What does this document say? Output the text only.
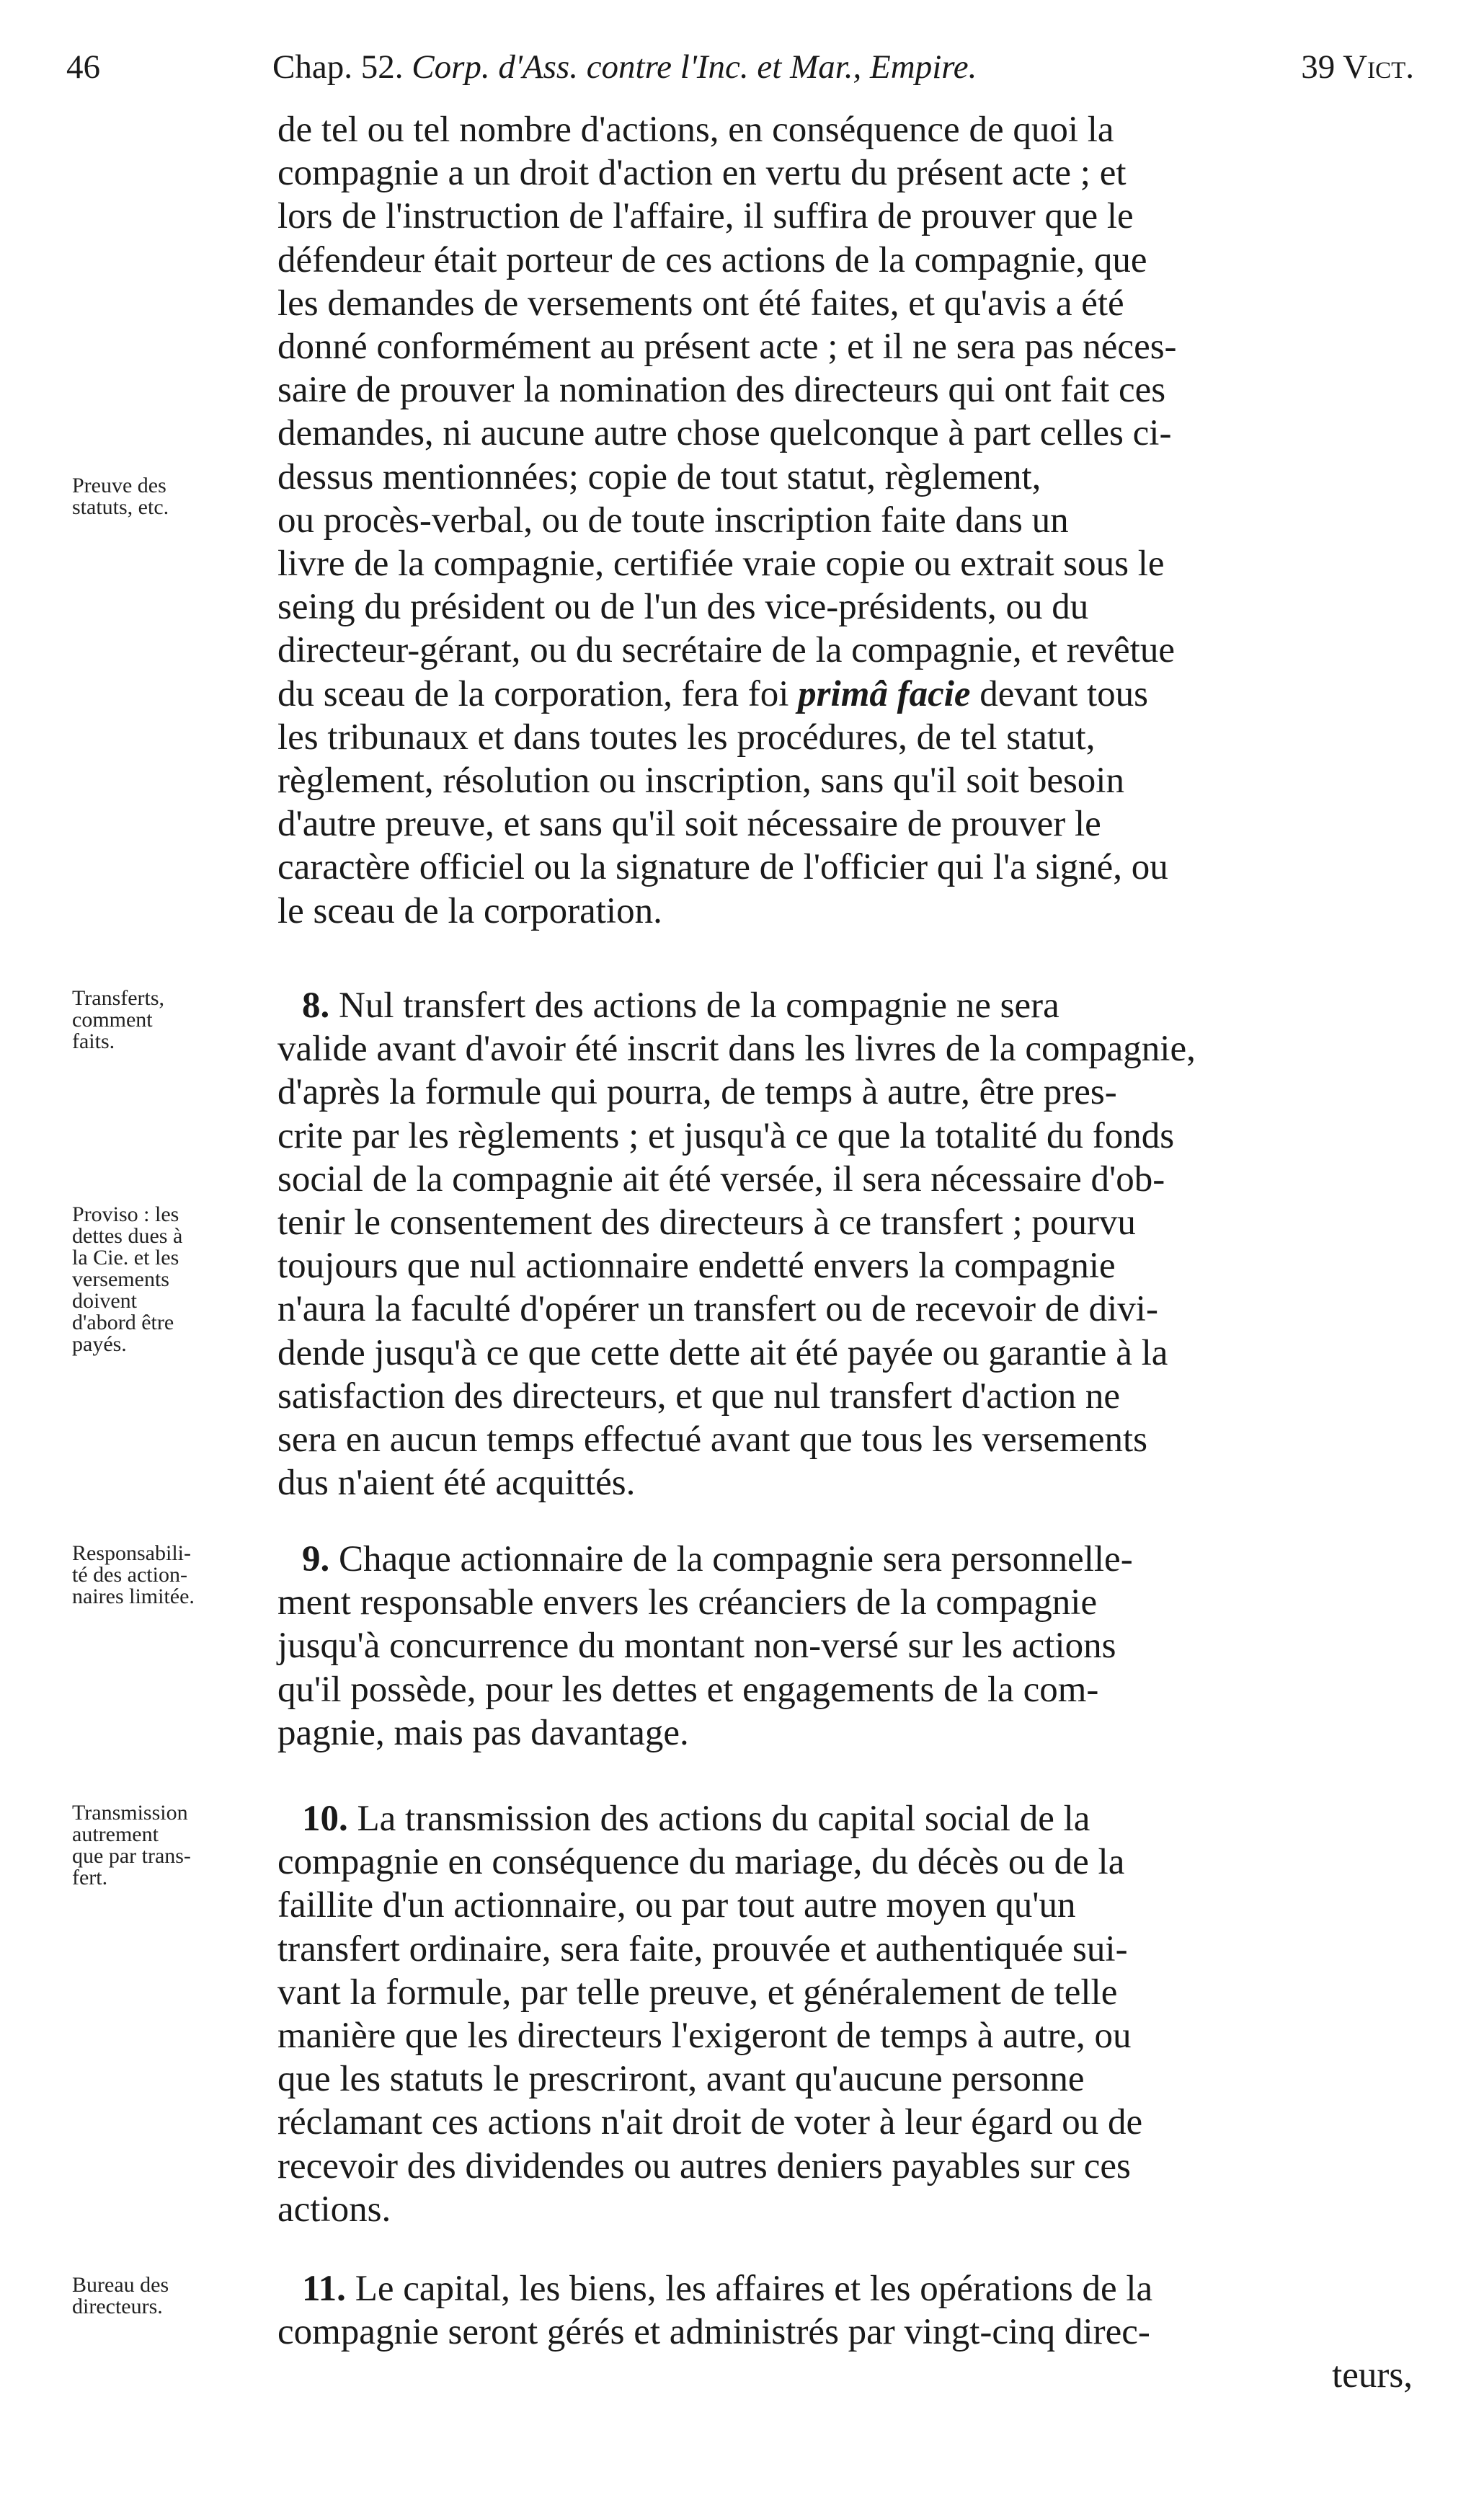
46	Chap. 52. Corp. d'Ass. contre l'Inc. et Mar., Empire.	39 Vict.

de tel ou tel nombre d'actions, en conséquence de quoi la

compagnie a un droit d'action en vertu du présent acte ; et

lors de l'instruction de l'affaire, il suffira de prouver que le

défendeur était porteur de ces actions de la compagnie, que

les demandes de versements ont été faites, et qu'avis a été

donné conformément au présent acte ; et il ne sera pas néces-

saire de prouver la nomination des directeurs qui ont fait ces

demandes, ni aucune autre chose quelconque à part celles ci-

dessus mentionnées; copie de tout statut, règlement,

ou procès-verbal, ou de toute inscription faite dans un

livre de la compagnie, certifiée vraie copie ou extrait sous le

seing du président ou de l'un des vice-présidents, ou du

directeur-gérant, ou du secrétaire de la compagnie, et revêtue

du sceau de la corporation, fera foi primâ facie devant tous

les tribunaux et dans toutes les procédures, de tel statut,

règlement, résolution ou inscription, sans qu'il soit besoin

d'autre preuve, et sans qu'il soit nécessaire de prouver le

caractère officiel ou la signature de l'officier qui l'a signé, ou

le sceau de la corporation.

8. Nul transfert des actions de la compagnie ne sera

valide avant d'avoir été inscrit dans les livres de la compagnie,

d'après la formule qui pourra, de temps à autre, être pres-

crite par les règlements ; et jusqu'à ce que la totalité du fonds

social de la compagnie ait été versée, il sera nécessaire d'ob-

tenir le consentement des directeurs à ce transfert ; pourvu

toujours que nul actionnaire endetté envers la compagnie

n'aura la faculté d'opérer un transfert ou de recevoir de divi-

dende jusqu'à ce que cette dette ait été payée ou garantie à la

satisfaction des directeurs, et que nul transfert d'action ne

sera en aucun temps effectué avant que tous les versements

dus n'aient été acquittés.

9. Chaque actionnaire de la compagnie sera personnelle-

ment responsable envers les créanciers de la compagnie

jusqu'à concurrence du montant non-versé sur les actions

qu'il possède, pour les dettes et engagements de la com-

pagnie, mais pas davantage.

10. La transmission des actions du capital social de la

compagnie en conséquence du mariage, du décès ou de la

faillite d'un actionnaire, ou par tout autre moyen qu'un

transfert ordinaire, sera faite, prouvée et authentiquée sui-

vant la formule, par telle preuve, et généralement de telle

manière que les directeurs l'exigeront de temps à autre, ou

que les statuts le prescriront, avant qu'aucune personne

réclamant ces actions n'ait droit de voter à leur égard ou de

recevoir des dividendes ou autres deniers payables sur ces

actions.

11. Le capital, les biens, les affaires et les opérations de la

compagnie seront gérés et administrés par vingt-cinq direc-

teurs,

Preuve des
statuts, etc.
Transferts,
comment
faits.
Proviso : les
dettes dues à
la Cie. et les
versements
doivent
d'abord être
payés.
Responsabili-
té des action-
naires limitée.
Transmission
autrement
que par trans-
fert.
Bureau des
directeurs.
